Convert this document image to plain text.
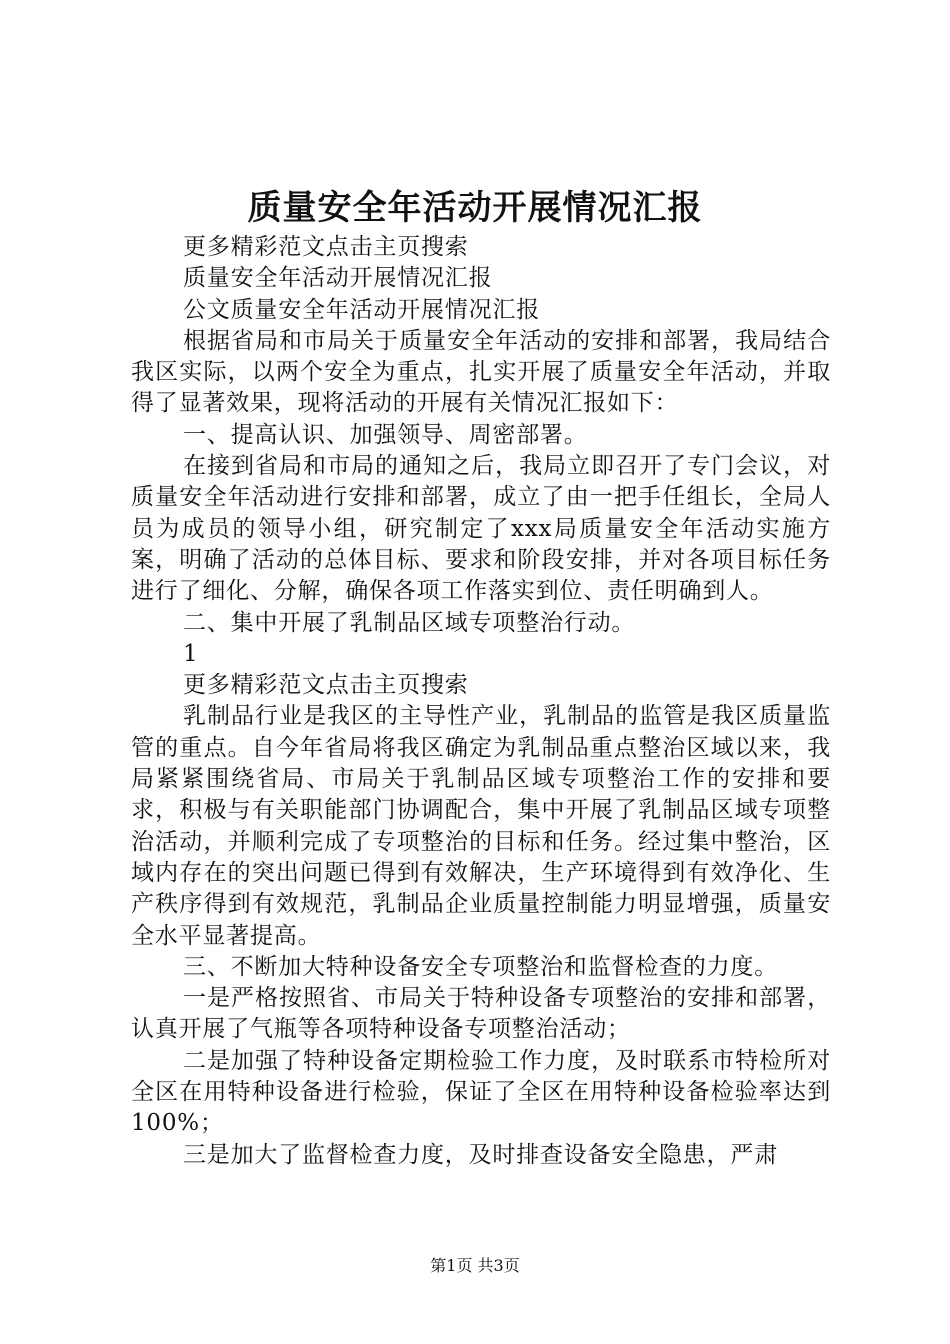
质量安全年活动开展情况汇报

更多精彩范文点击主页搜索

质量安全年活动开展情况汇报

公文质量安全年活动开展情况汇报

根据省局和市局关于质量安全年活动的安排和部署，我局结合我区实际，以两个安全为重点，扎实开展了质量安全年活动，并取得了显著效果，现将活动的开展有关情况汇报如下：

一、提高认识、加强领导、周密部署。

在接到省局和市局的通知之后，我局立即召开了专门会议，对质量安全年活动进行安排和部署，成立了由一把手任组长，全局人员为成员的领导小组，研究制定了xxx局质量安全年活动实施方案，明确了活动的总体目标、要求和阶段安排，并对各项目标任务进行了细化、分解，确保各项工作落实到位、责任明确到人。

二、集中开展了乳制品区域专项整治行动。

1

更多精彩范文点击主页搜索

乳制品行业是我区的主导性产业，乳制品的监管是我区质量监管的重点。自今年省局将我区确定为乳制品重点整治区域以来，我局紧紧围绕省局、市局关于乳制品区域专项整治工作的安排和要求，积极与有关职能部门协调配合，集中开展了乳制品区域专项整治活动，并顺利完成了专项整治的目标和任务。经过集中整治，区域内存在的突出问题已得到有效解决，生产环境得到有效净化、生产秩序得到有效规范，乳制品企业质量控制能力明显增强，质量安全水平显著提高。

三、不断加大特种设备安全专项整治和监督检查的力度。

一是严格按照省、市局关于特种设备专项整治的安排和部署，认真开展了气瓶等各项特种设备专项整治活动；

二是加强了特种设备定期检验工作力度，及时联系市特检所对全区在用特种设备进行检验，保证了全区在用特种设备检验率达到100%；

三是加大了监督检查力度，及时排查设备安全隐患，严肃

第1页 共3页
